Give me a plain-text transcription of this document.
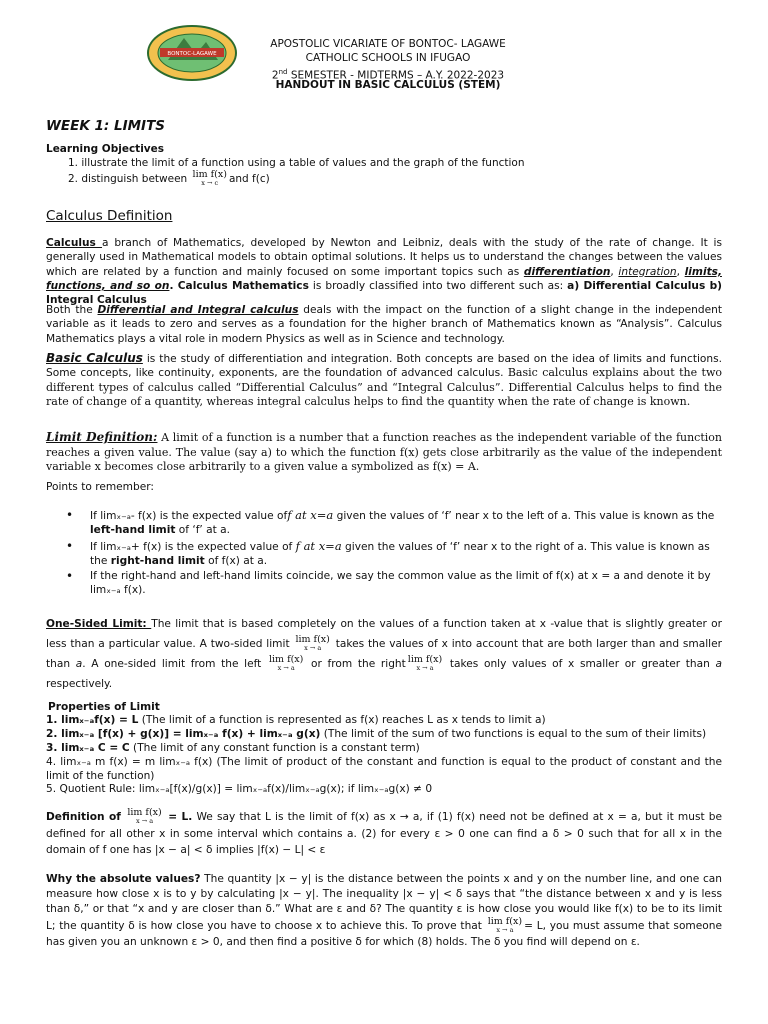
BONTOC-LAGAWE
APOSTOLIC VICARIATE OF BONTOC- LAGAWE
CATHOLIC SCHOOLS IN IFUGAO
2nd SEMESTER - MIDTERMS – A.Y. 2022-2023
HANDOUT IN BASIC CALCULUS (STEM)
WEEK 1: LIMITS
Learning Objectives
1. illustrate the limit of a function using a table of values and the graph of the function
2. distinguish between lim f(x)
x → c	and f(c)
Calculus Definition
Calculus a branch of Mathematics, developed by Newton and Leibniz, deals with the study of the rate of change. It is generally used in Mathematical models to obtain optimal solutions. It helps us to understand the changes between the values which are related by a function and mainly focused on some important topics such as differentiation, integration, limits, functions, and so on. Calculus Mathematics is broadly classified into two different such as: a) Differential Calculus b) Integral Calculus
Both the Differential and Integral calculus deals with the impact on the function of a slight change in the independent variable as it leads to zero and serves as a foundation for the higher branch of Mathematics known as “Analysis”. Calculus Mathematics plays a vital role in modern Physics as well as in Science and technology.
Basic Calculus is the study of differentiation and integration. Both concepts are based on the idea of limits and functions. Some concepts, like continuity, exponents, are the foundation of advanced calculus. Basic calculus explains about the two different types of calculus called “Differential Calculus” and “Integral Calculus”. Differential Calculus helps to find the rate of change of a quantity, whereas integral calculus helps to find the quantity when the rate of change is known.
Limit Definition: A limit of a function is a number that a function reaches as the independent variable of the function reaches a given value. The value (say a) to which the function f(x) gets close arbitrarily as the value of the independent variable x becomes close arbitrarily to a given value a symbolized as f(x) = A.
Points to remember:
• If limₓ₋ₐ- f(x) is the expected value off at x=a given the values of ‘f’ near x to the left of a. This value is known as the left-hand limit of ‘f’ at a.
• If limₓ₋ₐ+ f(x) is the expected value of f at x=a given the values of ‘f’ near x to the right of a. This value is known as the right-hand limit of f(x) at a.
• If the right-hand and left-hand limits coincide, we say the common value as the limit of f(x) at x = a and denote it by limₓ₋ₐ f(x).
One-Sided Limit: The limit that is based completely on the values of a function taken at x -value that is slightly greater or less than a particular value. A two-sided limit lim f(x)
x → a	takes the values of x into account that are both larger than and smaller than a. A one-sided limit from the left lim f(x)
x → a	or from the right lim f(x)
x → a	takes only values of x smaller or greater than a respectively.
Properties of Limit
1. limₓ₋ₐf(x) = L (The limit of a function is represented as f(x) reaches L as x tends to limit a)
2. limₓ₋ₐ [f(x) + g(x)] = limₓ₋ₐ f(x) + limₓ₋ₐ g(x) (The limit of the sum of two functions is equal to the sum of their limits)
3. limₓ₋ₐ C = C (The limit of any constant function is a constant term)
4. limₓ₋ₐ m f(x) = m limₓ₋ₐ f(x) (The limit of product of the constant and function is equal to the product of constant and the limit of the function)
5. Quotient Rule: limₓ₋ₐ[f(x)/g(x)] = limₓ₋ₐf(x)/limₓ₋ₐg(x); if limₓ₋ₐg(x) ≠ 0
Definition of lim f(x)
x → a	= L. We say that L is the limit of f(x) as x → a, if (1) f(x) need not be defined at x = a, but it must be defined for all other x in some interval which contains a. (2) for every ε > 0 one can find a δ > 0 such that for all x in the domain of f one has |x − a| < δ implies |f(x) − L| < ε
Why the absolute values? The quantity |x − y| is the distance between the points x and y on the number line, and one can measure how close x is to y by calculating |x − y|. The inequality |x − y| < δ says that “the distance between x and y is less than δ,” or that “x and y are closer than δ.” What are ε and δ? The quantity ε is how close you would like f(x) to be to its limit L; the quantity δ is how close you have to choose x to achieve this. To prove that lim f(x)
x → a	= L, you must assume that someone has given you an unknown ε > 0, and then find a positive δ for which (8) holds. The δ you find will depend on ε.
